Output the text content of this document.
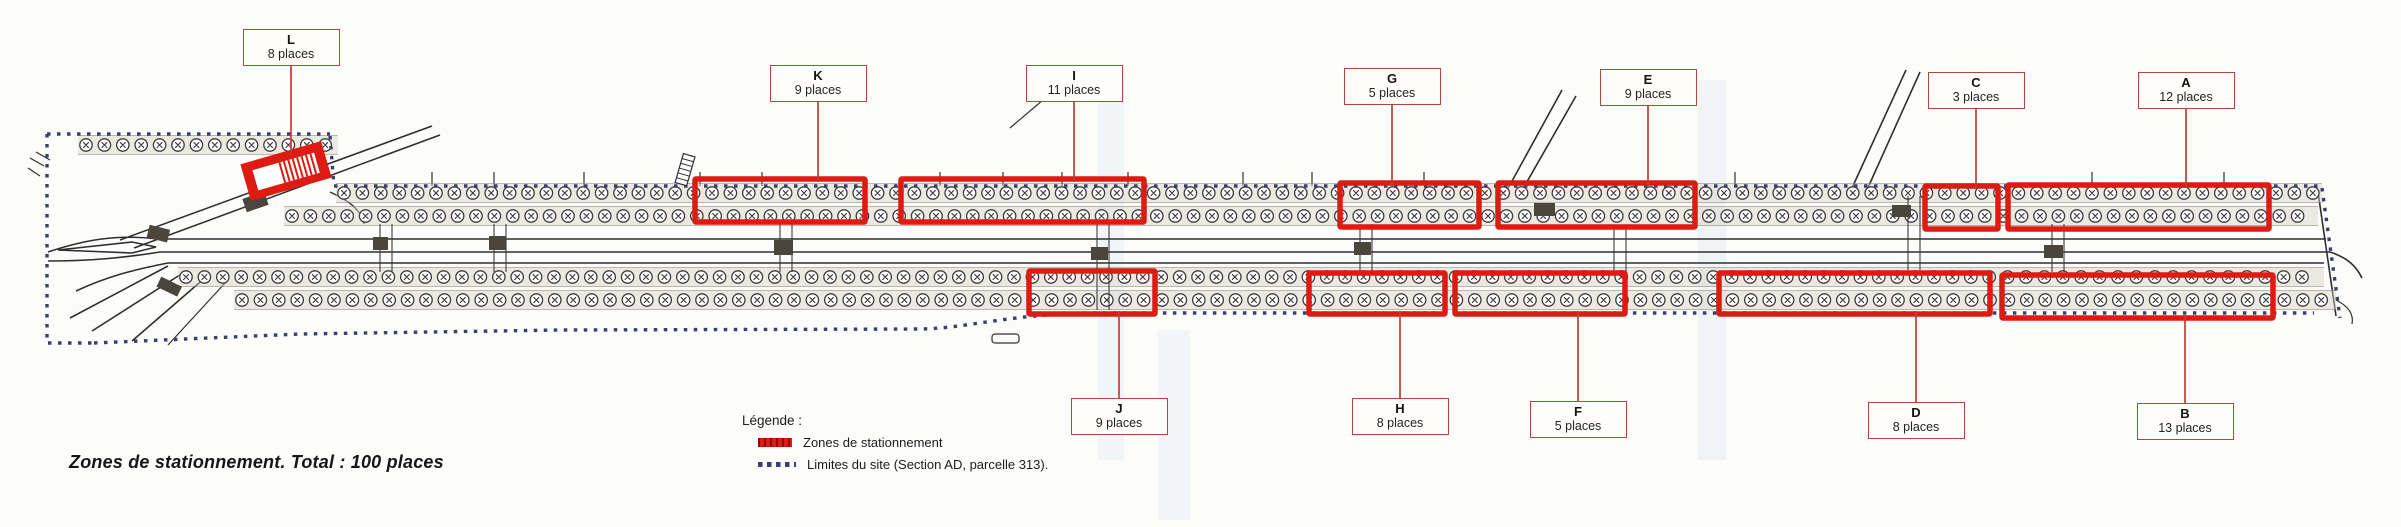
A
12 places
B
13 places
C
3 places
D
8 places
E
9 places
F
5 places
G
5 places
H
8 places
I
11 places
J
9 places
K
9 places
L
8 places
Légende :
Zones de stationnement
Limites du site (Section AD, parcelle 313).
Zones de stationnement. Total : 100 places
